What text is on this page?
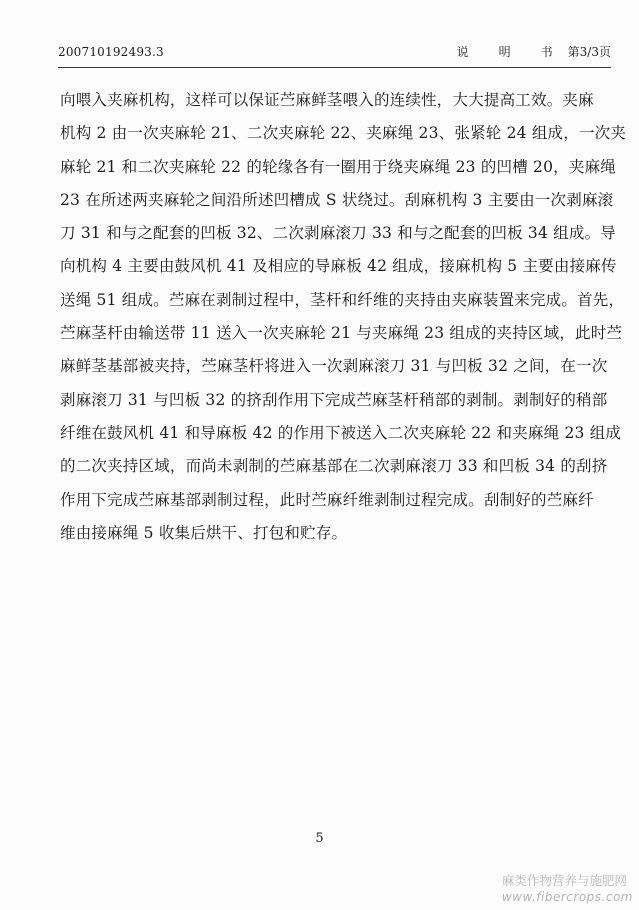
200710192493.3	说　明　书 第3/3页
向喂入夹麻机构，这样可以保证苎麻鲜茎喂入的连续性，大大提高工效。夹麻
机构 2 由一次夹麻轮 21、二次夹麻轮 22、夹麻绳 23、张紧轮 24 组成，一次夹
麻轮 21 和二次夹麻轮 22 的轮缘各有一圈用于绕夹麻绳 23 的凹槽 20，夹麻绳
23 在所述两夹麻轮之间沿所述凹槽成 S 状绕过。刮麻机构 3 主要由一次剥麻滚
刀 31 和与之配套的凹板 32、二次剥麻滚刀 33 和与之配套的凹板 34 组成。导
向机构 4 主要由鼓风机 41 及相应的导麻板 42 组成，接麻机构 5 主要由接麻传
送绳 51 组成。苎麻在剥制过程中，茎杆和纤维的夹持由夹麻装置来完成。首先，
苎麻茎杆由输送带 11 送入一次夹麻轮 21 与夹麻绳 23 组成的夹持区域，此时苎
麻鲜茎基部被夹持，苎麻茎杆将进入一次剥麻滚刀 31 与凹板 32 之间，在一次
剥麻滚刀 31 与凹板 32 的挤刮作用下完成苎麻茎杆稍部的剥制。剥制好的稍部
纤维在鼓风机 41 和导麻板 42 的作用下被送入二次夹麻轮 22 和夹麻绳 23 组成
的二次夹持区域，而尚未剥制的苎麻基部在二次剥麻滚刀 33 和凹板 34 的刮挤
作用下完成苎麻基部剥制过程，此时苎麻纤维剥制过程完成。刮制好的苎麻纤
维由接麻绳 5 收集后烘干、打包和贮存。
5
麻类作物营养与施肥网
www.fibercrops.com
